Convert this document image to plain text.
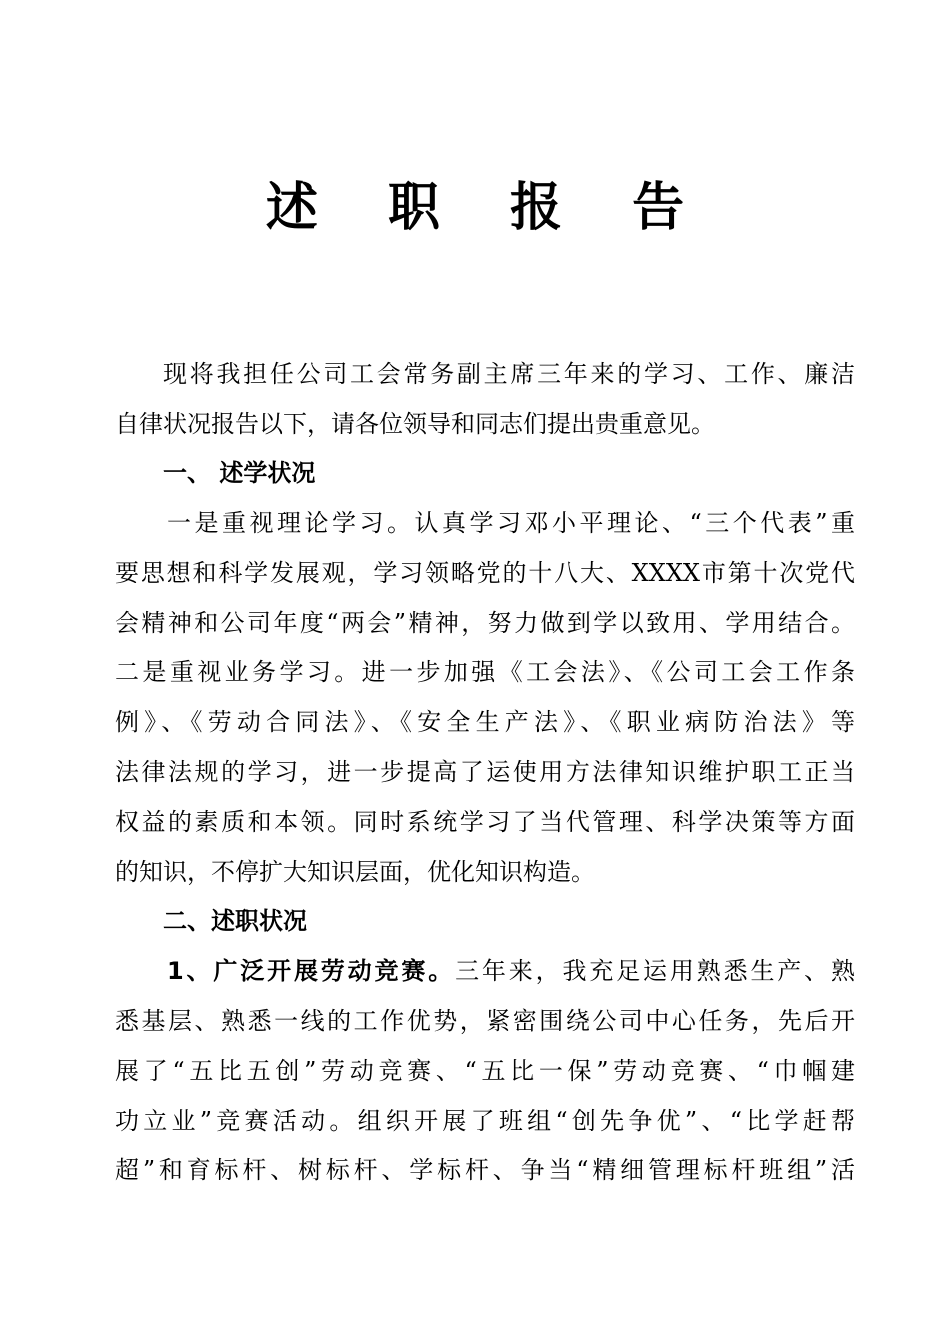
述 职 报 告
现将我担任公司工会常务副主席三年来的学习、工作、廉洁
自律状况报告以下，请各位领导和同志们提出贵重意见。
一、 述学状况
一是重视理论学习。认真学习邓小平理论、“三个代表”重
要思想和科学发展观，学习领略党的十八大、XXXX市第十次党代
会精神和公司年度“两会”精神，努力做到学以致用、学用结合。
二是重视业务学习。进一步加强《工会法》、《公司工会工作条
例》、《劳动合同法》、《安全生产法》、《职业病防治法》等
法律法规的学习，进一步提高了运使用方法律知识维护职工正当
权益的素质和本领。同时系统学习了当代管理、科学决策等方面
的知识，不停扩大知识层面，优化知识构造。
二、述职状况
1、广泛开展劳动竞赛。三年来，我充足运用熟悉生产、熟
悉基层、熟悉一线的工作优势，紧密围绕公司中心任务，先后开
展了“五比五创”劳动竞赛、“五比一保”劳动竞赛、“巾帼建
功立业”竞赛活动。组织开展了班组“创先争优”、“比学赶帮
超”和育标杆、树标杆、学标杆、争当“精细管理标杆班组”活
